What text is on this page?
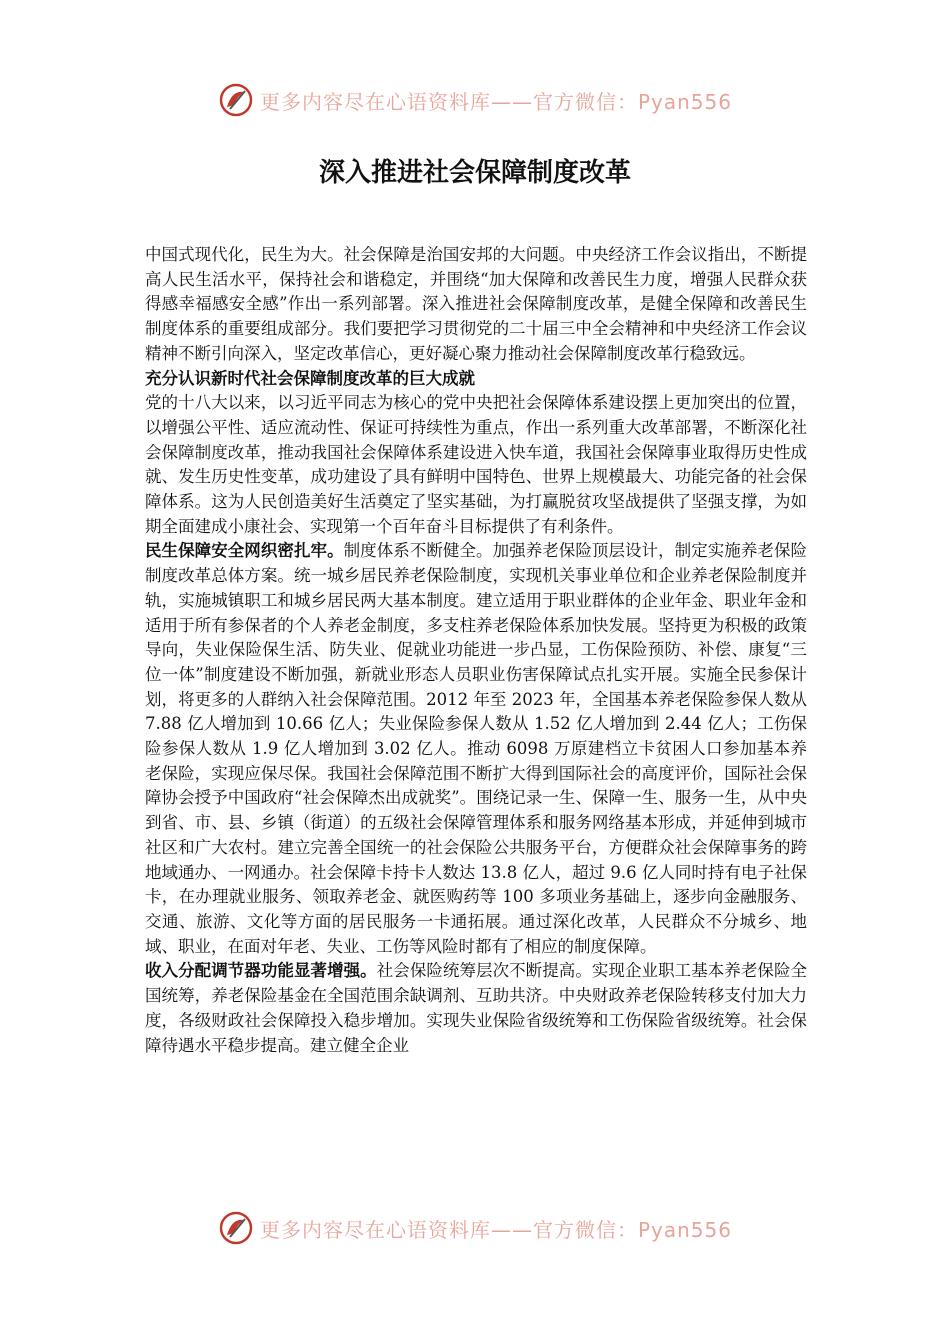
更多内容尽在心语资料库——官方微信：Pyan556
深入推进社会保障制度改革

中国式现代化，民生为大。社会保障是治国安邦的大问题。中央经济工作会议指出，不断提高人民生活水平，保持社会和谐稳定，并围绕“加大保障和改善民生力度，增强人民群众获得感幸福感安全感”作出一系列部署。深入推进社会保障制度改革，是健全保障和改善民生制度体系的重要组成部分。我们要把学习贯彻党的二十届三中全会精神和中央经济工作会议精神不断引向深入，坚定改革信心，更好凝心聚力推动社会保障制度改革行稳致远。

充分认识新时代社会保障制度改革的巨大成就

党的十八大以来，以习近平同志为核心的党中央把社会保障体系建设摆上更加突出的位置，以增强公平性、适应流动性、保证可持续性为重点，作出一系列重大改革部署，不断深化社会保障制度改革，推动我国社会保障体系建设进入快车道，我国社会保障事业取得历史性成就、发生历史性变革，成功建设了具有鲜明中国特色、世界上规模最大、功能完备的社会保障体系。这为人民创造美好生活奠定了坚实基础，为打赢脱贫攻坚战提供了坚强支撑，为如期全面建成小康社会、实现第一个百年奋斗目标提供了有利条件。

民生保障安全网织密扎牢。制度体系不断健全。加强养老保险顶层设计，制定实施养老保险制度改革总体方案。统一城乡居民养老保险制度，实现机关事业单位和企业养老保险制度并轨，实施城镇职工和城乡居民两大基本制度。建立适用于职业群体的企业年金、职业年金和适用于所有参保者的个人养老金制度，多支柱养老保险体系加快发展。坚持更为积极的政策导向，失业保险保生活、防失业、促就业功能进一步凸显，工伤保险预防、补偿、康复“三位一体”制度建设不断加强，新就业形态人员职业伤害保障试点扎实开展。实施全民参保计划，将更多的人群纳入社会保障范围。2012 年至 2023 年，全国基本养老保险参保人数从 7.88 亿人增加到 10.66 亿人；失业保险参保人数从 1.52 亿人增加到 2.44 亿人；工伤保险参保人数从 1.9 亿人增加到 3.02 亿人。推动 6098 万原建档立卡贫困人口参加基本养老保险，实现应保尽保。我国社会保障范围不断扩大得到国际社会的高度评价，国际社会保障协会授予中国政府“社会保障杰出成就奖”。围绕记录一生、保障一生、服务一生，从中央到省、市、县、乡镇（街道）的五级社会保障管理体系和服务网络基本形成，并延伸到城市社区和广大农村。建立完善全国统一的社会保险公共服务平台，方便群众社会保障事务的跨地域通办、一网通办。社会保障卡持卡人数达 13.8 亿人，超过 9.6 亿人同时持有电子社保卡，在办理就业服务、领取养老金、就医购药等 100 多项业务基础上，逐步向金融服务、交通、旅游、文化等方面的居民服务一卡通拓展。通过深化改革，人民群众不分城乡、地域、职业，在面对年老、失业、工伤等风险时都有了相应的制度保障。

收入分配调节器功能显著增强。社会保险统筹层次不断提高。实现企业职工基本养老保险全国统筹，养老保险基金在全国范围余缺调剂、互助共济。中央财政养老保险转移支付加大力度，各级财政社会保障投入稳步增加。实现失业保险省级统筹和工伤保险省级统筹。社会保障待遇水平稳步提高。建立健全企业

更多内容尽在心语资料库——官方微信：Pyan556
